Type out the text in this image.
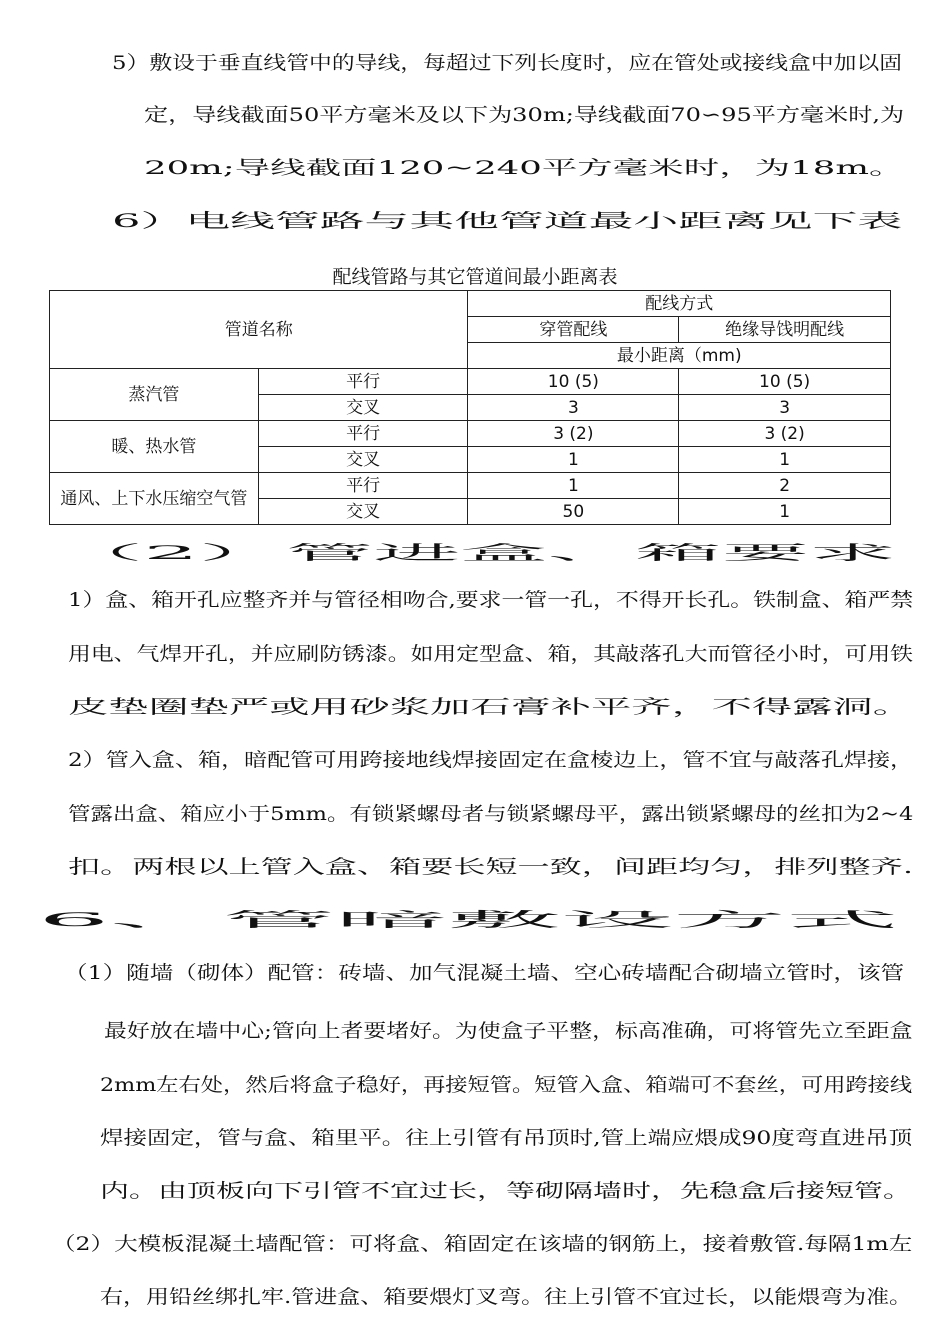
5）敷设于垂直线管中的导线，每超过下列长度时，应在管处或接线盒中加以固
定，导线截面50平方毫米及以下为30m;导线截面70∽95平方毫米时,为
20m;导线截面120~240平方毫米时，为18m。
6）电线管路与其他管道最小距离见下表
配线管路与其它管道间最小距离表
管道名称		配线方式	
		穿管配线	绝缘导饯明配线
		最小距离（mm)	
蒸汽管	平行	10 (5)	10 (5)
	交叉	3	3
暖、热水管	平行	3 (2)	3 (2)
	交叉	1	1
通风、上下水压缩空气管	平行	1	2
	交叉	50	1
（2）管进盒、箱要求
1）盒、箱开孔应整齐并与管径相吻合,要求一管一孔，不得开长孔。铁制盒、箱严禁
用电、气焊开孔，并应刷防锈漆。如用定型盒、箱，其敲落孔大而管径小时，可用铁
皮垫圈垫严或用砂浆加石膏补平齐，不得露洞。
2）管入盒、箱，暗配管可用跨接地线焊接固定在盒棱边上，管不宜与敲落孔焊接，
管露出盒、箱应小于5mm。有锁紧螺母者与锁紧螺母平，露出锁紧螺母的丝扣为2~4
扣。两根以上管入盒、箱要长短一致，间距均匀，排列整齐.
6、管暗敷设方式
（1）随墙（砌体）配管：砖墙、加气混凝土墙、空心砖墙配合砌墙立管时，该管
最好放在墙中心;管向上者要堵好。为使盒子平整，标高准确，可将管先立至距盒
2mm左右处，然后将盒子稳好，再接短管。短管入盒、箱端可不套丝，可用跨接线
焊接固定，管与盒、箱里平。往上引管有吊顶时,管上端应煨成90度弯直进吊顶
内。由顶板向下引管不宜过长，等砌隔墙时，先稳盒后接短管。
（2）大模板混凝土墙配管：可将盒、箱固定在该墙的钢筋上，接着敷管.每隔1m左
右，用铅丝绑扎牢.管进盒、箱要煨灯叉弯。往上引管不宜过长，以能煨弯为准。
